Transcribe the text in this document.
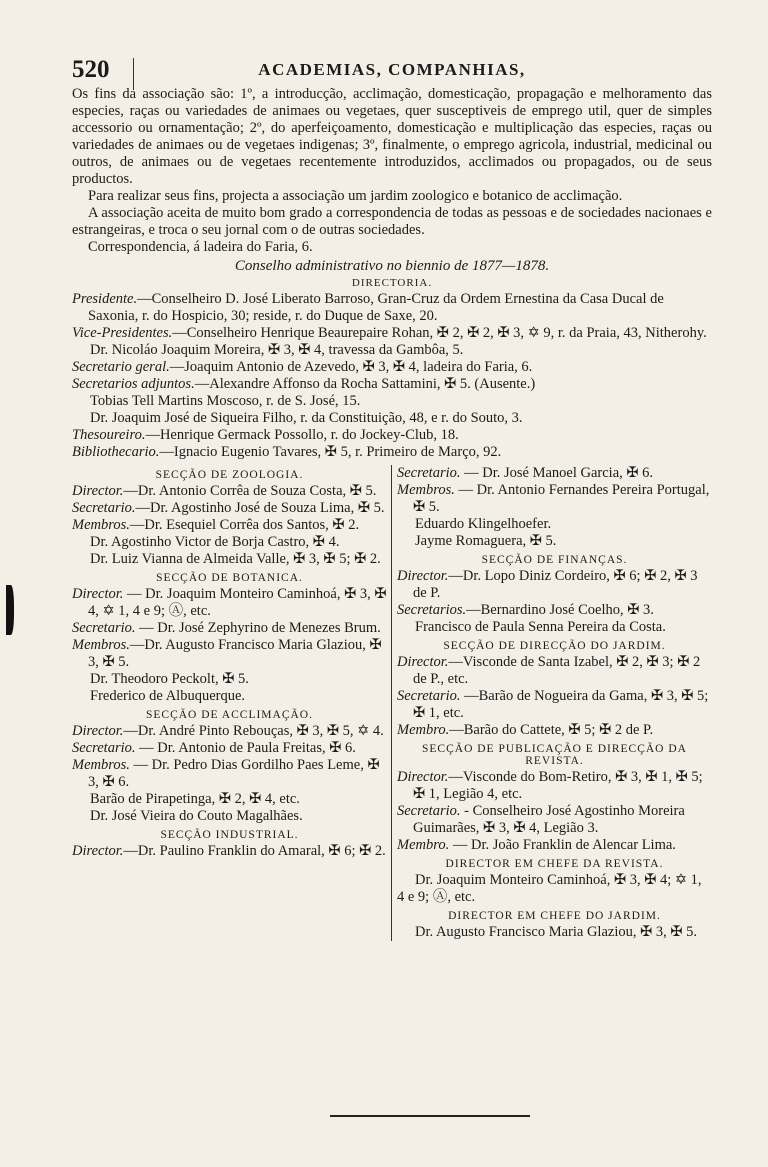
520	ACADEMIAS, COMPANHIAS,

Os fins da associação são: 1º, a introducção, acclimação, domesticação, propagação e melhoramento das especies, raças ou variedades de animaes ou vegetaes, quer susceptiveis de emprego util, quer de simples accessorio ou ornamentação; 2º, do aperfeiçoamento, domesticação e multiplicação das especies, raças ou variedades de animaes ou de vegetaes indigenas; 3º, finalmente, o emprego agricola, industrial, medicinal ou outros, de animaes ou de vegetaes recentemente introduzidos, acclimados ou propagados, ou de seus productos.

Para realizar seus fins, projecta a associação um jardim zoologico e botanico de acclimação.

A associação aceita de muito bom grado a correspondencia de todas as pessoas e de sociedades nacionaes e estrangeiras, e troca o seu jornal com o de outras sociedades.

Correspondencia, á ladeira do Faria, 6.

Conselho administrativo no biennio de 1877—1878.
DIRECTORIA.

Presidente.—Conselheiro D. José Liberato Barroso, Gran-Cruz da Ordem Ernestina da Casa Ducal de Saxonia, r. do Hospicio, 30; reside, r. do Duque de Saxe, 20.

Vice-Presidentes.—Conselheiro Henrique Beaurepaire Rohan, ✠ 2, ✠ 2, ✠ 3, ✡ 9, r. da Praia, 43, Nitherohy.

Dr. Nicoláo Joaquim Moreira, ✠ 3, ✠ 4, travessa da Gambôa, 5.

Secretario geral.—Joaquim Antonio de Azevedo, ✠ 3, ✠ 4, ladeira do Faria, 6.

Secretarios adjuntos.—Alexandre Affonso da Rocha Sattamini, ✠ 5. (Ausente.)

Tobias Tell Martins Moscoso, r. de S. José, 15.

Dr. Joaquim José de Siqueira Filho, r. da Constituição, 48, e r. do Souto, 3.

Thesoureiro.—Henrique Germack Possollo, r. do Jockey-Club, 18.

Bibliothecario.—Ignacio Eugenio Tavares, ✠ 5, r. Primeiro de Março, 92.

SECÇÃO DE ZOOLOGIA.

Director.—Dr. Antonio Corrêa de Souza Costa, ✠ 5.

Secretario.—Dr. Agostinho José de Souza Lima, ✠ 5.

Membros.—Dr. Esequiel Corrêa dos Santos, ✠ 2.

Dr. Agostinho Victor de Borja Castro, ✠ 4.

Dr. Luiz Vianna de Almeida Valle, ✠ 3, ✠ 5; ✠ 2.

SECÇÃO DE BOTANICA.

Director. — Dr. Joaquim Monteiro Caminhoá, ✠ 3, ✠ 4, ✡ 1, 4 e 9; Ⓐ, etc.

Secretario. — Dr. José Zephyrino de Menezes Brum.

Membros.—Dr. Augusto Francisco Maria Glaziou, ✠ 3, ✠ 5.

Dr. Theodoro Peckolt, ✠ 5.

Frederico de Albuquerque.

SECÇÃO DE ACCLIMAÇÃO.

Director.—Dr. André Pinto Rebouças, ✠ 3, ✠ 5, ✡ 4.

Secretario. — Dr. Antonio de Paula Freitas, ✠ 6.

Membros. — Dr. Pedro Dias Gordilho Paes Leme, ✠ 3, ✠ 6.

Barão de Pirapetinga, ✠ 2, ✠ 4, etc.

Dr. José Vieira do Couto Magalhães.

SECÇÃO INDUSTRIAL.

Director.—Dr. Paulino Franklin do Amaral, ✠ 6; ✠ 2.

Secretario. — Dr. José Manoel Garcia, ✠ 6.

Membros. — Dr. Antonio Fernandes Pereira Portugal, ✠ 5.

Eduardo Klingelhoefer.

Jayme Romaguera, ✠ 5.

SECÇÃO DE FINANÇAS.

Director.—Dr. Lopo Diniz Cordeiro, ✠ 6; ✠ 2, ✠ 3 de P.

Secretarios.—Bernardino José Coelho, ✠ 3.

Francisco de Paula Senna Pereira da Costa.

SECÇÃO DE DIRECÇÃO DO JARDIM.

Director.—Visconde de Santa Izabel, ✠ 2, ✠ 3; ✠ 2 de P., etc.

Secretario. —Barão de Nogueira da Gama, ✠ 3, ✠ 5; ✠ 1, etc.

Membro.—Barão do Cattete, ✠ 5; ✠ 2 de P.

SECÇÃO DE PUBLICAÇÃO E DIRECÇÃO DA REVISTA.

Director.—Visconde do Bom-Retiro, ✠ 3, ✠ 1, ✠ 5; ✠ 1, Legião 4, etc.

Secretario. - Conselheiro José Agostinho Moreira Guimarães, ✠ 3, ✠ 4, Legião 3.

Membro. — Dr. João Franklin de Alencar Lima.

DIRECTOR EM CHEFE DA REVISTA.

Dr. Joaquim Monteiro Caminhoá, ✠ 3, ✠ 4; ✡ 1, 4 e 9; Ⓐ, etc.

DIRECTOR EM CHEFE DO JARDIM.

Dr. Augusto Francisco Maria Glaziou, ✠ 3, ✠ 5.
